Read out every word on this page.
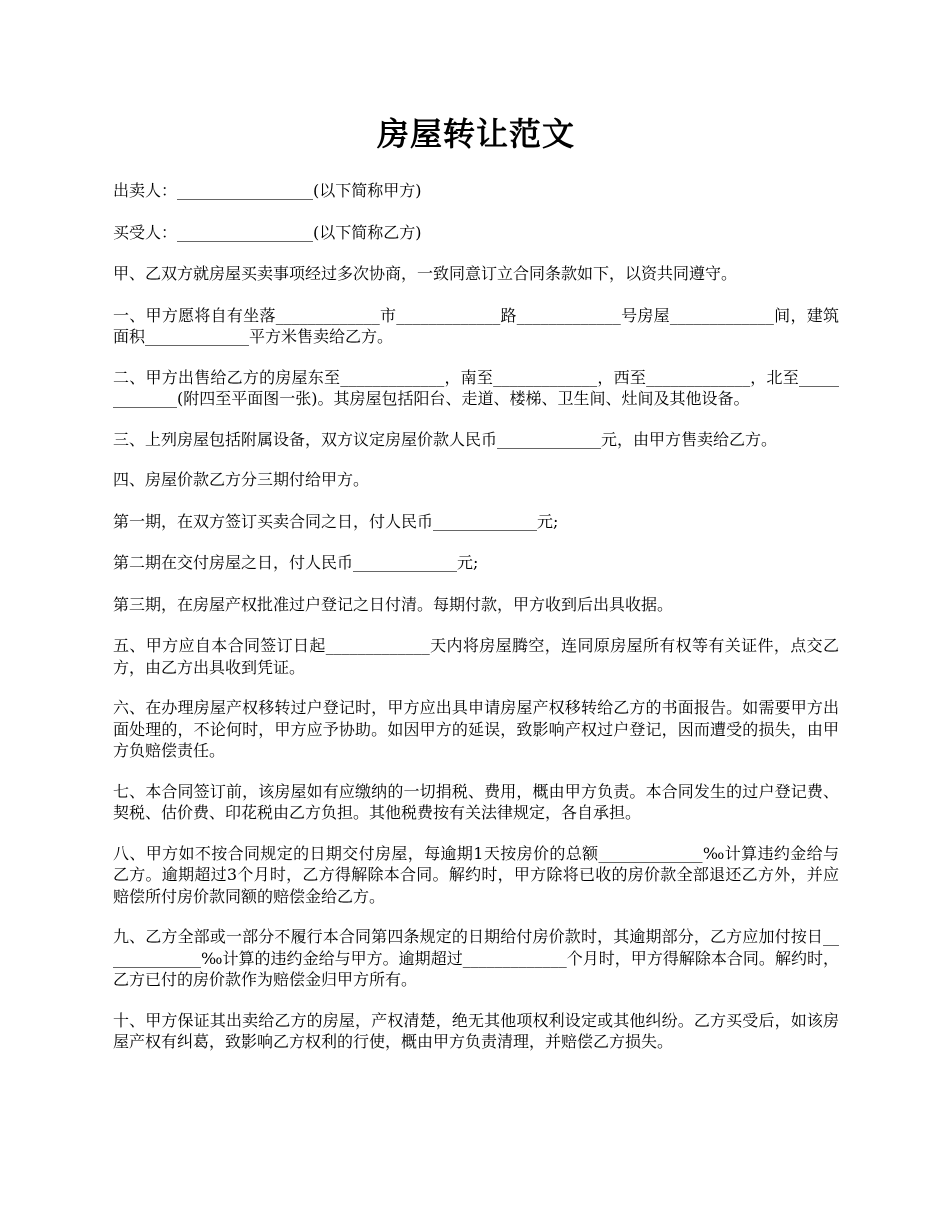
房屋转让范文

出卖人：_________________(以下简称甲方)

买受人：_________________(以下简称乙方)

甲、乙双方就房屋买卖事项经过多次协商，一致同意订立合同条款如下，以资共同遵守。

一、甲方愿将自有坐落_____________市_____________路_____________号房屋_____________间，建筑面积_____________平方米售卖给乙方。

二、甲方出售给乙方的房屋东至_____________，南至_____________，西至_____________，北至_____________(附四至平面图一张)。其房屋包括阳台、走道、楼梯、卫生间、灶间及其他设备。

三、上列房屋包括附属设备，双方议定房屋价款人民币_____________元，由甲方售卖给乙方。

四、房屋价款乙方分三期付给甲方。

第一期，在双方签订买卖合同之日，付人民币_____________元;

第二期在交付房屋之日，付人民币_____________元;

第三期，在房屋产权批准过户登记之日付清。每期付款，甲方收到后出具收据。

五、甲方应自本合同签订日起_____________天内将房屋腾空，连同原房屋所有权等有关证件，点交乙方，由乙方出具收到凭证。

六、在办理房屋产权移转过户登记时，甲方应出具申请房屋产权移转给乙方的书面报告。如需要甲方出面处理的，不论何时，甲方应予协助。如因甲方的延误，致影响产权过户登记，因而遭受的损失，由甲方负赔偿责任。

七、本合同签订前，该房屋如有应缴纳的一切捐税、费用，概由甲方负责。本合同发生的过户登记费、契税、估价费、印花税由乙方负担。其他税费按有关法律规定，各自承担。

八、甲方如不按合同规定的日期交付房屋，每逾期1天按房价的总额_____________‰计算违约金给与乙方。逾期超过3个月时，乙方得解除本合同。解约时，甲方除将已收的房价款全部退还乙方外，并应赔偿所付房价款同额的赔偿金给乙方。

九、乙方全部或一部分不履行本合同第四条规定的日期给付房价款时，其逾期部分，乙方应加付按日_____________‰计算的违约金给与甲方。逾期超过_____________个月时，甲方得解除本合同。解约时，乙方已付的房价款作为赔偿金归甲方所有。

十、甲方保证其出卖给乙方的房屋，产权清楚，绝无其他项权利设定或其他纠纷。乙方买受后，如该房屋产权有纠葛，致影响乙方权利的行使，概由甲方负责清理，并赔偿乙方损失。
